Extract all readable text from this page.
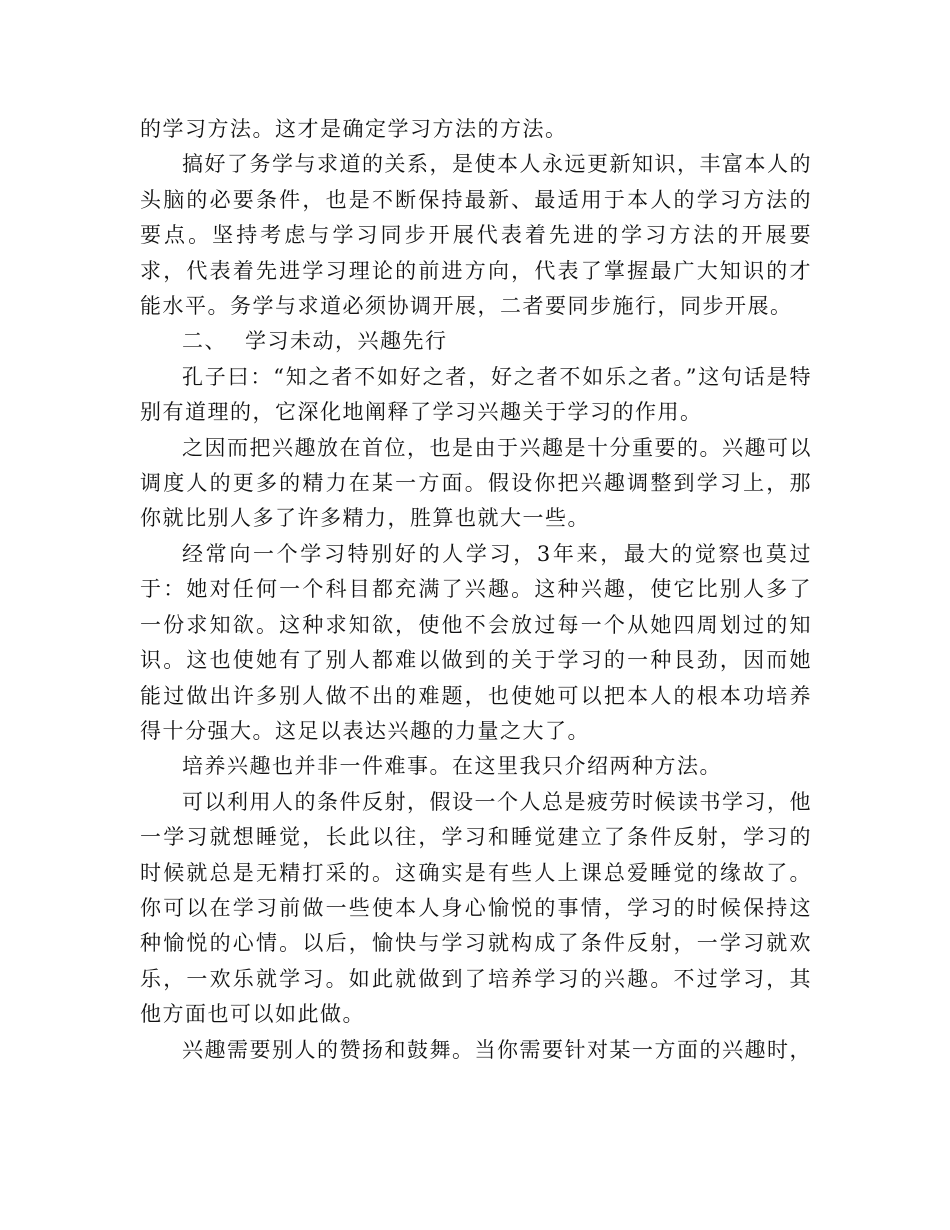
的学习方法。这才是确定学习方法的方法。

搞好了务学与求道的关系，是使本人永远更新知识，丰富本人的头脑的必要条件，也是不断保持最新、最适用于本人的学习方法的要点。坚持考虑与学习同步开展代表着先进的学习方法的开展要求，代表着先进学习理论的前进方向，代表了掌握最广大知识的才能水平。务学与求道必须协调开展，二者要同步施行，同步开展。

二、 学习未动，兴趣先行

孔子曰：“知之者不如好之者，好之者不如乐之者。”这句话是特别有道理的，它深化地阐释了学习兴趣关于学习的作用。

之因而把兴趣放在首位，也是由于兴趣是十分重要的。兴趣可以调度人的更多的精力在某一方面。假设你把兴趣调整到学习上，那你就比别人多了许多精力，胜算也就大一些。

经常向一个学习特别好的人学习，3年来，最大的觉察也莫过于：她对任何一个科目都充满了兴趣。这种兴趣，使它比别人多了一份求知欲。这种求知欲，使他不会放过每一个从她四周划过的知识。这也使她有了别人都难以做到的关于学习的一种艮劲，因而她能过做出许多别人做不出的难题，也使她可以把本人的根本功培养得十分强大。这足以表达兴趣的力量之大了。

培养兴趣也并非一件难事。在这里我只介绍两种方法。

可以利用人的条件反射，假设一个人总是疲劳时候读书学习，他一学习就想睡觉，长此以往，学习和睡觉建立了条件反射，学习的时候就总是无精打采的。这确实是有些人上课总爱睡觉的缘故了。你可以在学习前做一些使本人身心愉悦的事情，学习的时候保持这种愉悦的心情。以后，愉快与学习就构成了条件反射，一学习就欢乐，一欢乐就学习。如此就做到了培养学习的兴趣。不过学习，其他方面也可以如此做。

兴趣需要别人的赞扬和鼓舞。当你需要针对某一方面的兴趣时，
